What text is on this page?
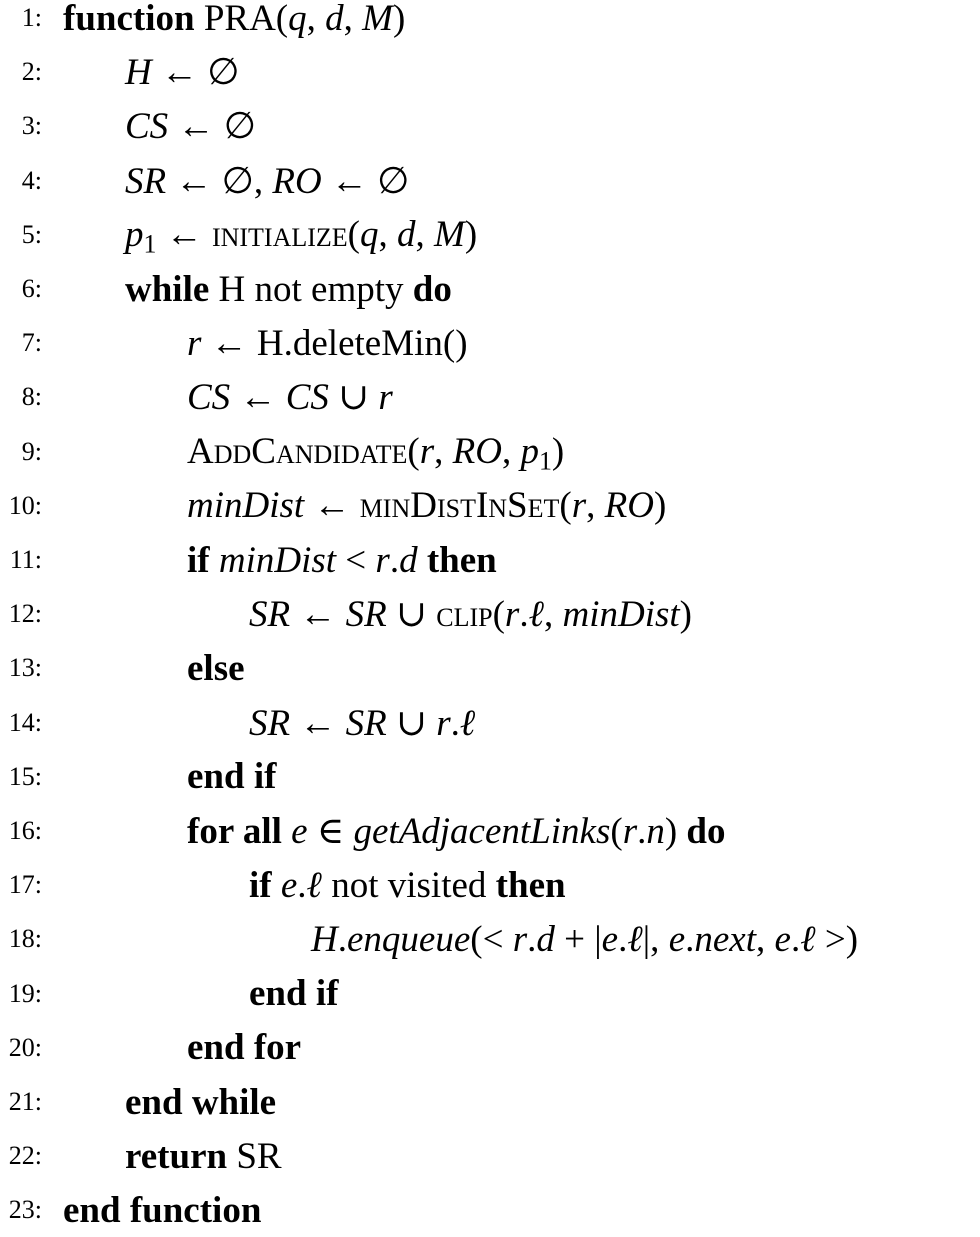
1: function PRA(q, d, M)
2: H ← ∅
3: CS ← ∅
4: SR ← ∅, RO ← ∅
5: $p_1$ ← initialize(q, d, M)
6: while H not empty do
7:	r ← H.deleteMin()
8:	CS ← CS ∪ r
9:	AddCandidate(r, RO, $p_1$)
10:	minDist ← minDistInSet(r, RO)
11:	if minDist < r.d then
12:	SR ← SR ∪ clip(r.ℓ, minDist)
13:	else
14:	SR ← SR ∪ r.ℓ
15:	end if
16:	for all e ∈ getAdjacentLinks(r.n) do
17:	if e.ℓ not visited then
18:	H.enqueue(< r.d + |e.ℓ|, e.next, e.ℓ >)
19:	end if
20:	end for
21: end while
22: return SR
23: end function
